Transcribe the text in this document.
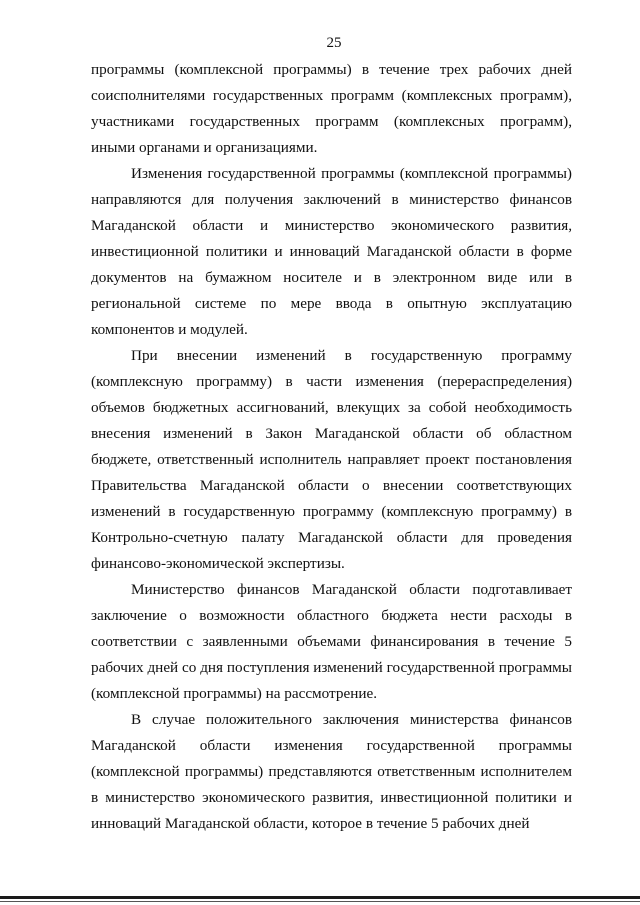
25

программы (комплексной программы) в течение трех рабочих дней соисполнителями государственных программ (комплексных программ), участниками государственных программ (комплексных программ), иными органами и организациями.

Изменения государственной программы (комплексной программы) направляются для получения заключений в министерство финансов Магаданской области и министерство экономического развития, инвестиционной политики и инноваций Магаданской области в форме документов на бумажном носителе и в электронном виде или в региональной системе по мере ввода в опытную эксплуатацию компонентов и модулей.

При внесении изменений в государственную программу (комплексную программу) в части изменения (перераспределения) объемов бюджетных ассигнований, влекущих за собой необходимость внесения изменений в Закон Магаданской области об областном бюджете, ответственный исполнитель направляет проект постановления Правительства Магаданской области о внесении соответствующих изменений в государственную программу (комплексную программу) в Контрольно-счетную палату Магаданской области для проведения финансово-экономической экспертизы.

Министерство финансов Магаданской области подготавливает заключение о возможности областного бюджета нести расходы в соответствии с заявленными объемами финансирования в течение 5 рабочих дней со дня поступления изменений государственной программы (комплексной программы) на рассмотрение.

В случае положительного заключения министерства финансов Магаданской области изменения государственной программы (комплексной программы) представляются ответственным исполнителем в министерство экономического развития, инвестиционной политики и инноваций Магаданской области, которое в течение 5 рабочих дней
